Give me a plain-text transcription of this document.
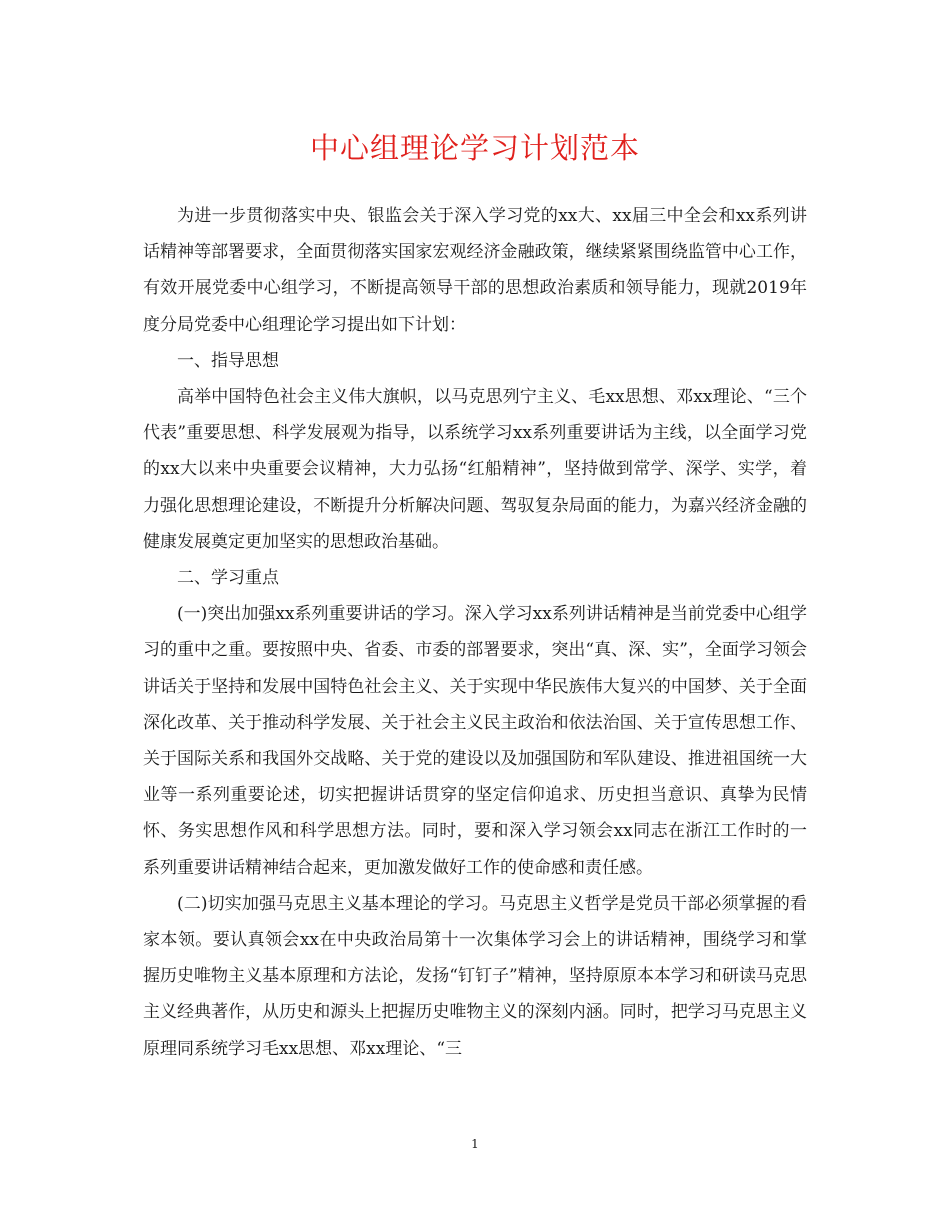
中心组理论学习计划范本

为进一步贯彻落实中央、银监会关于深入学习党的xx大、xx届三中全会和xx系列讲话精神等部署要求，全面贯彻落实国家宏观经济金融政策，继续紧紧围绕监管中心工作，有效开展党委中心组学习，不断提高领导干部的思想政治素质和领导能力，现就2019年度分局党委中心组理论学习提出如下计划：

一、指导思想

高举中国特色社会主义伟大旗帜，以马克思列宁主义、毛xx思想、邓xx理论、“三个代表”重要思想、科学发展观为指导，以系统学习xx系列重要讲话为主线，以全面学习党的xx大以来中央重要会议精神，大力弘扬“红船精神”，坚持做到常学、深学、实学，着力强化思想理论建设，不断提升分析解决问题、驾驭复杂局面的能力，为嘉兴经济金融的健康发展奠定更加坚实的思想政治基础。

二、学习重点

(一)突出加强xx系列重要讲话的学习。深入学习xx系列讲话精神是当前党委中心组学习的重中之重。要按照中央、省委、市委的部署要求，突出“真、深、实”，全面学习领会讲话关于坚持和发展中国特色社会主义、关于实现中华民族伟大复兴的中国梦、关于全面深化改革、关于推动科学发展、关于社会主义民主政治和依法治国、关于宣传思想工作、关于国际关系和我国外交战略、关于党的建设以及加强国防和军队建设、推进祖国统一大业等一系列重要论述，切实把握讲话贯穿的坚定信仰追求、历史担当意识、真挚为民情怀、务实思想作风和科学思想方法。同时，要和深入学习领会xx同志在浙江工作时的一系列重要讲话精神结合起来，更加激发做好工作的使命感和责任感。

(二)切实加强马克思主义基本理论的学习。马克思主义哲学是党员干部必须掌握的看家本领。要认真领会xx在中央政治局第十一次集体学习会上的讲话精神，围绕学习和掌握历史唯物主义基本原理和方法论，发扬“钉钉子”精神，坚持原原本本学习和研读马克思主义经典著作，从历史和源头上把握历史唯物主义的深刻内涵。同时，把学习马克思主义原理同系统学习毛xx思想、邓xx理论、“三

1
